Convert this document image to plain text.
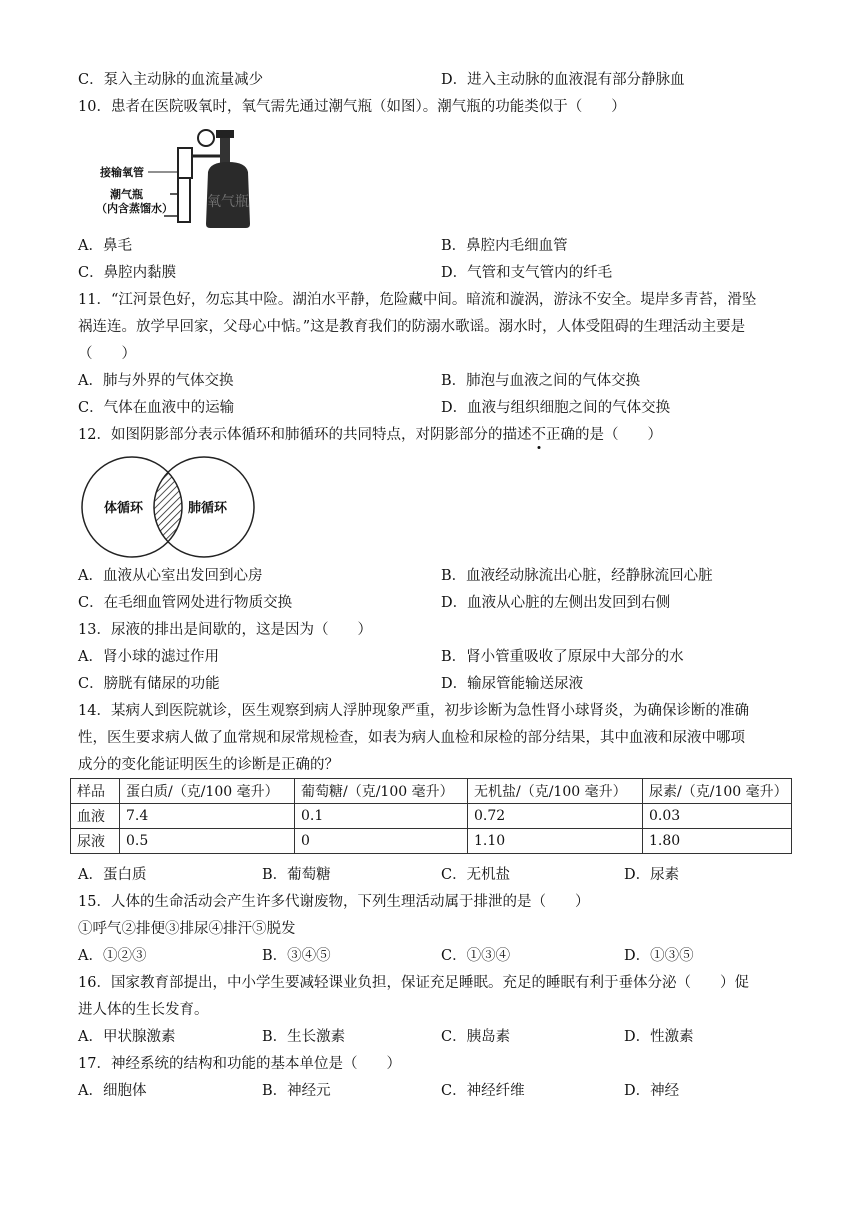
C．泵入主动脉的血流量减少	D．进入主动脉的血液混有部分静脉血
10．患者在医院吸氧时，氧气需先通过潮气瓶（如图）。潮气瓶的功能类似于（　　）
氧气瓶
接输氧管
潮气瓶
（内含蒸馏水）
A．鼻毛	B．鼻腔内毛细血管
C．鼻腔内黏膜	D．气管和支气管内的纤毛
11．“江河景色好，勿忘其中险。湖泊水平静，危险藏中间。暗流和漩涡，游泳不安全。堤岸多青苔，滑坠
祸连连。放学早回家，父母心中惦。”这是教育我们的防溺水歌谣。溺水时，人体受阻碍的生理活动主要是
（　　）
A．肺与外界的气体交换	B．肺泡与血液之间的气体交换
C．气体在血液中的运输	D．血液与组织细胞之间的气体交换
12．如图阴影部分表示体循环和肺循环的共同特点，对阴影部分的描述不正确的是（　　）
体循环	肺循环
A．血液从心室出发回到心房	B．血液经动脉流出心脏，经静脉流回心脏
C．在毛细血管网处进行物质交换	D．血液从心脏的左侧出发回到右侧
13．尿液的排出是间歇的，这是因为（　　）
A．肾小球的滤过作用	B．肾小管重吸收了原尿中大部分的水
C．膀胱有储尿的功能	D．输尿管能输送尿液
14．某病人到医院就诊，医生观察到病人浮肿现象严重，初步诊断为急性肾小球肾炎，为确保诊断的准确
性，医生要求病人做了血常规和尿常规检查，如表为病人血检和尿检的部分结果，其中血液和尿液中哪项
成分的变化能证明医生的诊断是正确的？
样品	蛋白质/（克/100 毫升）	葡萄糖/（克/100 毫升）	无机盐/（克/100 毫升）	尿素/（克/100 毫升）
血液	7.4	0.1	0.72	0.03
尿液	0.5	0	1.10	1.80
A．蛋白质	B．葡萄糖	C．无机盐	D．尿素
15．人体的生命活动会产生许多代谢废物，下列生理活动属于排泄的是（　　）
①呼气②排便③排尿④排汗⑤脱发
A．①②③	B．③④⑤	C．①③④	D．①③⑤
16．国家教育部提出，中小学生要减轻课业负担，保证充足睡眠。充足的睡眠有利于垂体分泌（　　）促
进人体的生长发育。
A．甲状腺激素	B．生长激素	C．胰岛素	D．性激素
17．神经系统的结构和功能的基本单位是（　　）
A．细胞体	B．神经元	C．神经纤维	D．神经
